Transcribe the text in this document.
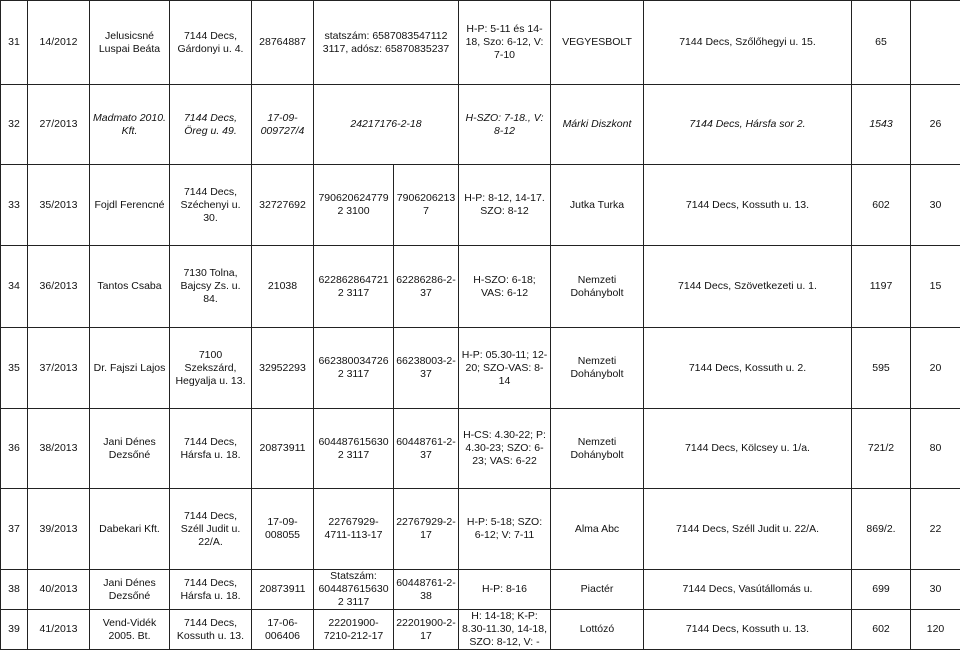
31	14/2012	Jelusicsné Luspai Beáta	7144 Decs, Gárdonyi u. 4.	28764887	statszám: 6587083547112 3117, adósz: 65870835237		H-P: 5-11 és 14-18, Szo: 6-12, V: 7-10	VEGYESBOLT	7144 Decs, Szőlőhegyi u. 15.	65	
32	27/2013	Madmato 2010. Kft.	7144 Decs, Öreg u. 49.	17-09-009727/4	24217176-2-18		H-SZO: 7-18., V: 8-12	Márki Diszkont	7144 Decs, Hársfa sor 2.	1543	26
33	35/2013	Fojdl Ferencné	7144 Decs, Széchenyi u. 30.	32727692	7906206247792 3100	79062062137	H-P: 8-12, 14-17. SZO: 8-12	Jutka Turka	7144 Decs, Kossuth u. 13.	602	30
34	36/2013	Tantos Csaba	7130 Tolna, Bajcsy Zs. u. 84.	21038	6228628647212 3117	62286286-2-37	H-SZO: 6-18; VAS: 6-12	Nemzeti Dohánybolt	7144 Decs, Szövetkezeti u. 1.	1197	15
35	37/2013	Dr. Fajszi Lajos	7100 Szekszárd, Hegyalja u. 13.	32952293	6623800347262 3117	66238003-2-37	H-P: 05.30-11; 12-20; SZO-VAS: 8-14	Nemzeti Dohánybolt	7144 Decs, Kossuth u. 2.	595	20
36	38/2013	Jani Dénes Dezsőné	7144 Decs, Hársfa u. 18.	20873911	6044876156302 3117	60448761-2-37	H-CS: 4.30-22; P: 4.30-23; SZO: 6-23; VAS: 6-22	Nemzeti Dohánybolt	7144 Decs, Kölcsey u. 1/a.	721/2	80
37	39/2013	Dabekari Kft.	7144 Decs, Széll Judit u. 22/A.	17-09-008055	22767929-4711-113-17	22767929-2-17	H-P: 5-18; SZO: 6-12; V: 7-11	Alma Abc	7144 Decs, Széll Judit u. 22/A.	869/2.	22
38	40/2013	Jani Dénes Dezsőné	7144 Decs, Hársfa u. 18.	20873911	Statszám: 6044876156302 3117	60448761-2-38	H-P: 8-16	Piactér	7144 Decs, Vasútállomás u.	699	30
39	41/2013	Vend-Vidék 2005. Bt.	7144 Decs, Kossuth u. 13.	17-06-006406	22201900-7210-212-17	22201900-2-17	H: 14-18; K-P: 8.30-11.30, 14-18, SZO: 8-12, V: -	Lottózó	7144 Decs, Kossuth u. 13.	602	120
